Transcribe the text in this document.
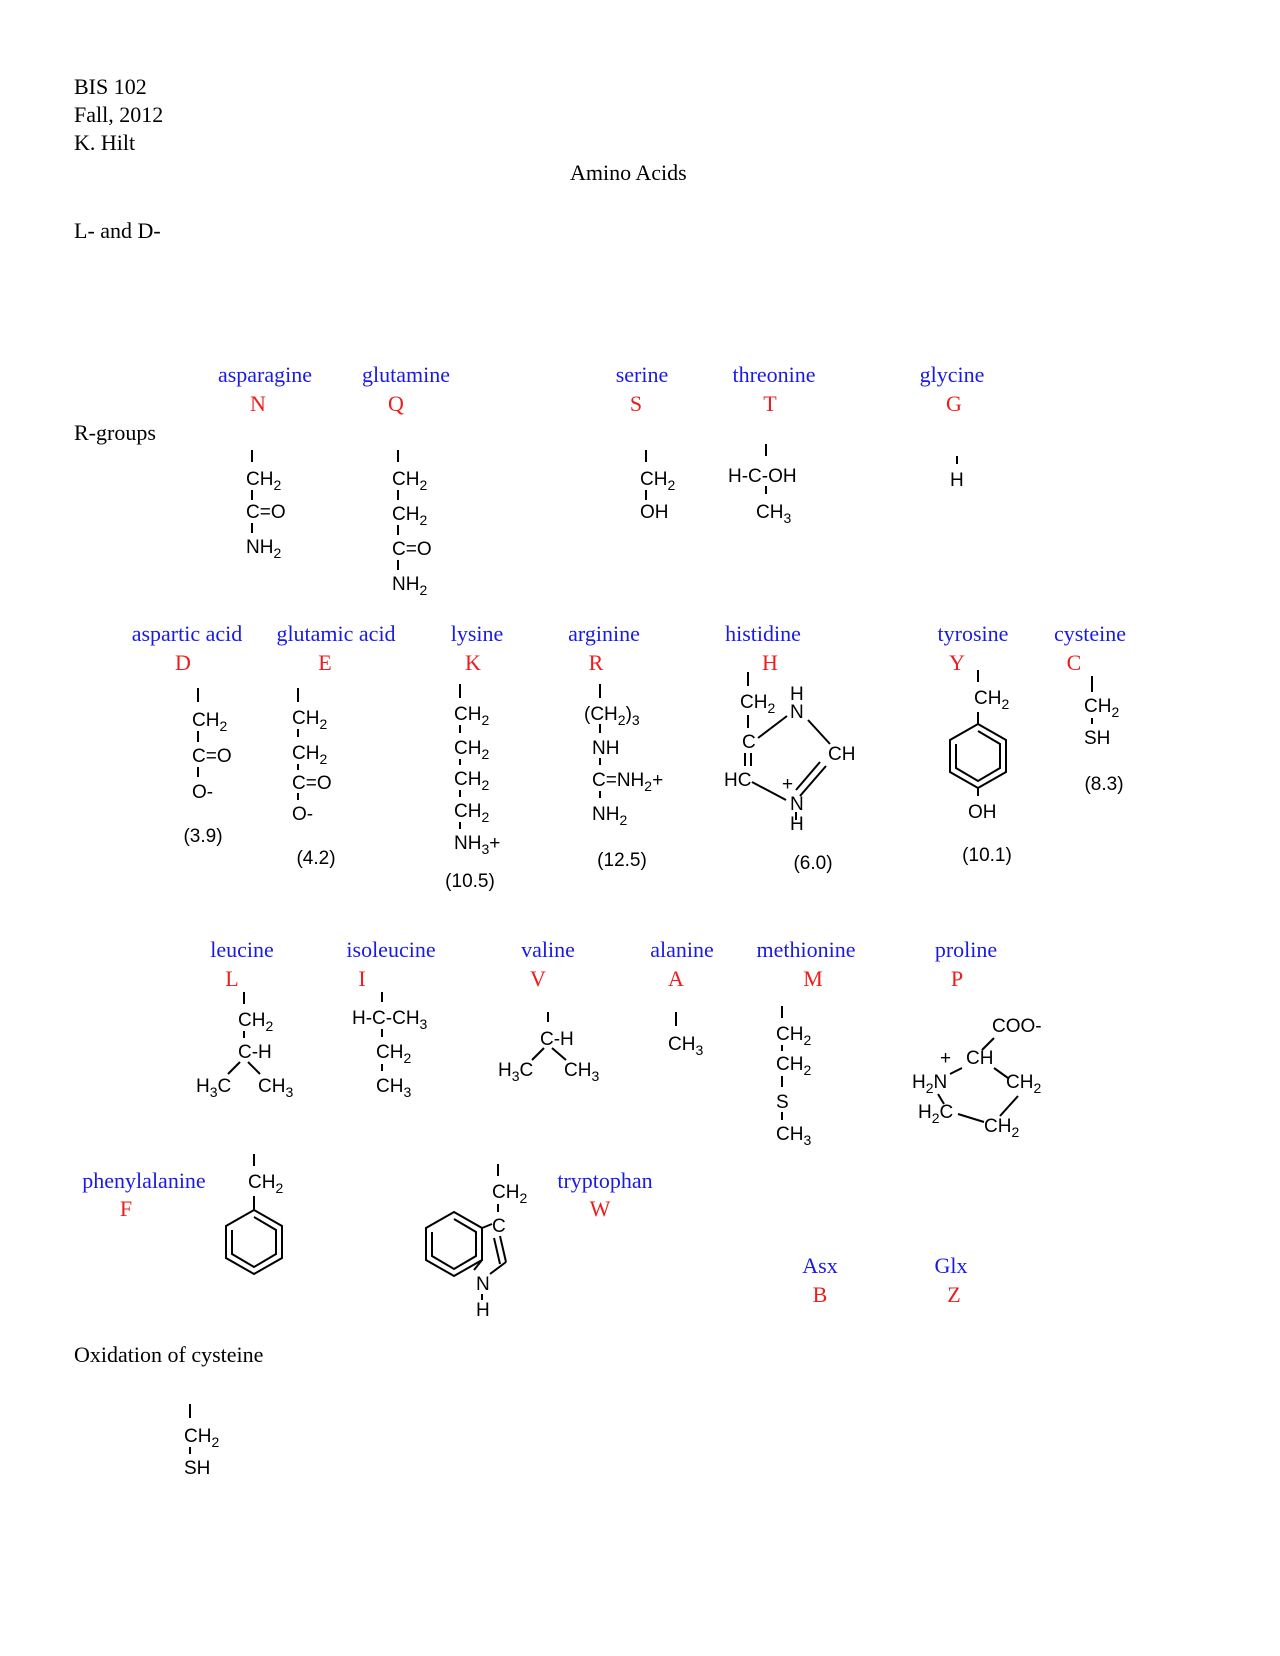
BIS 102
Fall, 2012
K. Hilt
Amino Acids
L- and D-
R-groups
Oxidation of cysteine
asparagine
N
glutamine
Q
serine
S
threonine
T
glycine
G
aspartic acid
D
glutamic acid
E
lysine
K
arginine
R
histidine
H
tyrosine
Y
cysteine
C
(3.9)
(4.2)
(10.5)
(12.5)	(6.0)	(10.1)
(8.3)
leucine
L
isoleucine
I
valine
V
alanine
A
methionine
M
proline
P
phenylalanine
F
tryptophan
W
Asx
B
Glx
Z
$CH_2$
C=O
$NH_2$
$CH_2$
$CH_2$
C=O
$NH_2$
$CH_2$
OH
H-C-OH
$CH_3$
H
$CH_2$
C=O
O-
$CH_2$
$CH_2$
C=O
O-
$CH_2$
$CH_2$
$CH_2$
$CH_2$
$NH_3+$
$(CH_2)_3$
NH
$C=NH_2+$
$NH_2$
$CH_2$
H
N
C
CH
HC +
N
H
$CH_2$
OH
$CH_2$
SH
$CH_2$
C-H
$H_3C$ $CH_3$
$H-C-CH_3$
$CH_2$
$CH_3$
C-H
$H_3C$ $CH_3$
$CH_3$
$CH_2$
$CH_2$
S
$CH_3$
COO-
CH
+
$H_2N$	$CH_2$
$H_2C$
$CH_2$
$CH_2$	$CH_2$
C
N
H
$CH_2$
SH
